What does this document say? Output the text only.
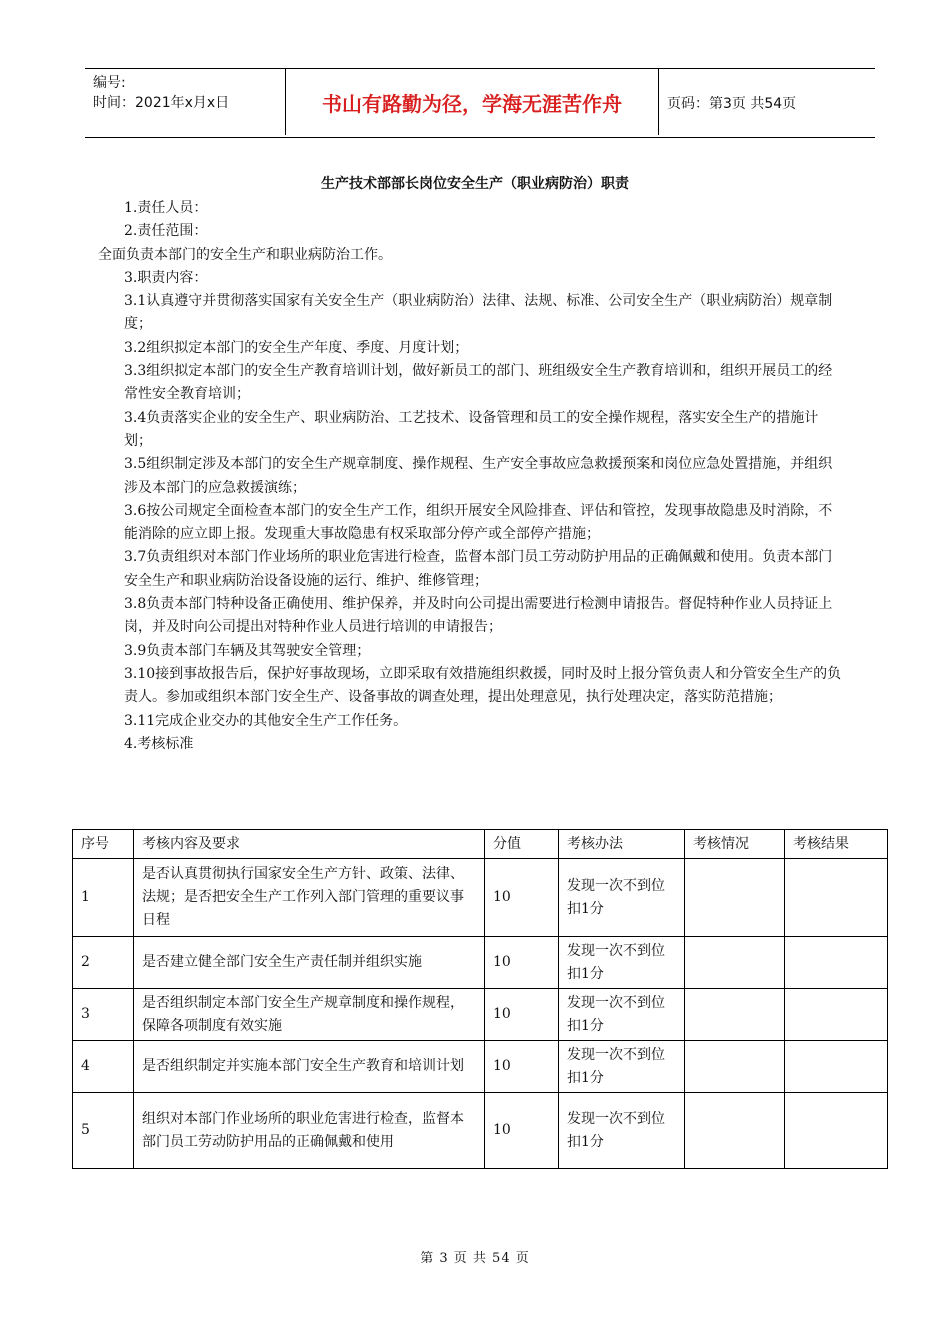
编号:
时间：2021年x月x日	书山有路勤为径，学海无涯苦作舟	页码：第3页 共54页
生产技术部部长岗位安全生产（职业病防治）职责

1.责任人员：

2.责任范围：

全面负责本部门的安全生产和职业病防治工作。

3.职责内容：

3.1认真遵守并贯彻落实国家有关安全生产（职业病防治）法律、法规、标准、公司安全生产（职业病防治）规章制度；

3.2组织拟定本部门的安全生产年度、季度、月度计划；

3.3组织拟定本部门的安全生产教育培训计划，做好新员工的部门、班组级安全生产教育培训和，组织开展员工的经常性安全教育培训；

3.4负责落实企业的安全生产、职业病防治、工艺技术、设备管理和员工的安全操作规程，落实安全生产的措施计划；

3.5组织制定涉及本部门的安全生产规章制度、操作规程、生产安全事故应急救援预案和岗位应急处置措施，并组织涉及本部门的应急救援演练；

3.6按公司规定全面检查本部门的安全生产工作，组织开展安全风险排查、评估和管控，发现事故隐患及时消除，不能消除的应立即上报。发现重大事故隐患有权采取部分停产或全部停产措施；

3.7负责组织对本部门作业场所的职业危害进行检查，监督本部门员工劳动防护用品的正确佩戴和使用。负责本部门安全生产和职业病防治设备设施的运行、维护、维修管理；

3.8负责本部门特种设备正确使用、维护保养，并及时向公司提出需要进行检测申请报告。督促特种作业人员持证上岗，并及时向公司提出对特种作业人员进行培训的申请报告；

3.9负责本部门车辆及其驾驶安全管理；

3.10接到事故报告后，保护好事故现场，立即采取有效措施组织救援，同时及时上报分管负责人和分管安全生产的负责人。参加或组织本部门安全生产、设备事故的调查处理，提出处理意见，执行处理决定，落实防范措施；

3.11完成企业交办的其他安全生产工作任务。

4.考核标准

序号	考核内容及要求	分值	考核办法	考核情况	考核结果
1	是否认真贯彻执行国家安全生产方针、政策、法律、法规；是否把安全生产工作列入部门管理的重要议事日程	10	发现一次不到位扣1分		
2	是否建立健全部门安全生产责任制并组织实施	10	发现一次不到位扣1分		
3	是否组织制定本部门安全生产规章制度和操作规程，保障各项制度有效实施	10	发现一次不到位扣1分		
4	是否组织制定并实施本部门安全生产教育和培训计划	10	发现一次不到位扣1分		
5	组织对本部门作业场所的职业危害进行检查，监督本部门员工劳动防护用品的正确佩戴和使用	10	发现一次不到位扣1分		
第 3 页 共 54 页
